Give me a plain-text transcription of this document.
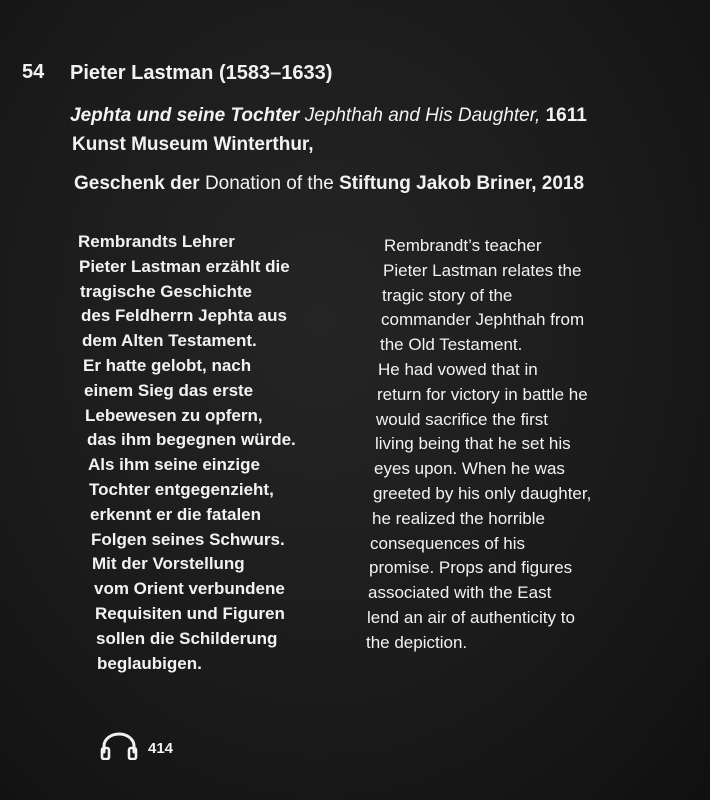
54 Pieter Lastman (1583–1633)
Jephta und seine Tochter Jephthah and His Daughter, 1611
Kunst Museum Winterthur,
Geschenk der Donation of the Stiftung Jakob Briner, 2018
Rembrandts Lehrer
Pieter Lastman erzählt die
tragische Geschichte
des Feldherrn Jephta aus
dem Alten Testament.
Er hatte gelobt, nach
einem Sieg das erste
Lebewesen zu opfern,
das ihm begegnen würde.
Als ihm seine einzige
Tochter entgegenzieht,
erkennt er die fatalen
Folgen seines Schwurs.
Mit der Vorstellung
vom Orient verbundene
Requisiten und Figuren
sollen die Schilderung
beglaubigen.
Rembrandt’s teacher
Pieter Lastman relates the
tragic story of the
commander Jephthah from
the Old Testament.
He had vowed that in
return for victory in battle he
would sacrifice the first
living being that he set his
eyes upon. When he was
greeted by his only daughter,
he realized the horrible
consequences of his
promise. Props and figures
associated with the East
lend an air of authenticity to
the depiction.
414
